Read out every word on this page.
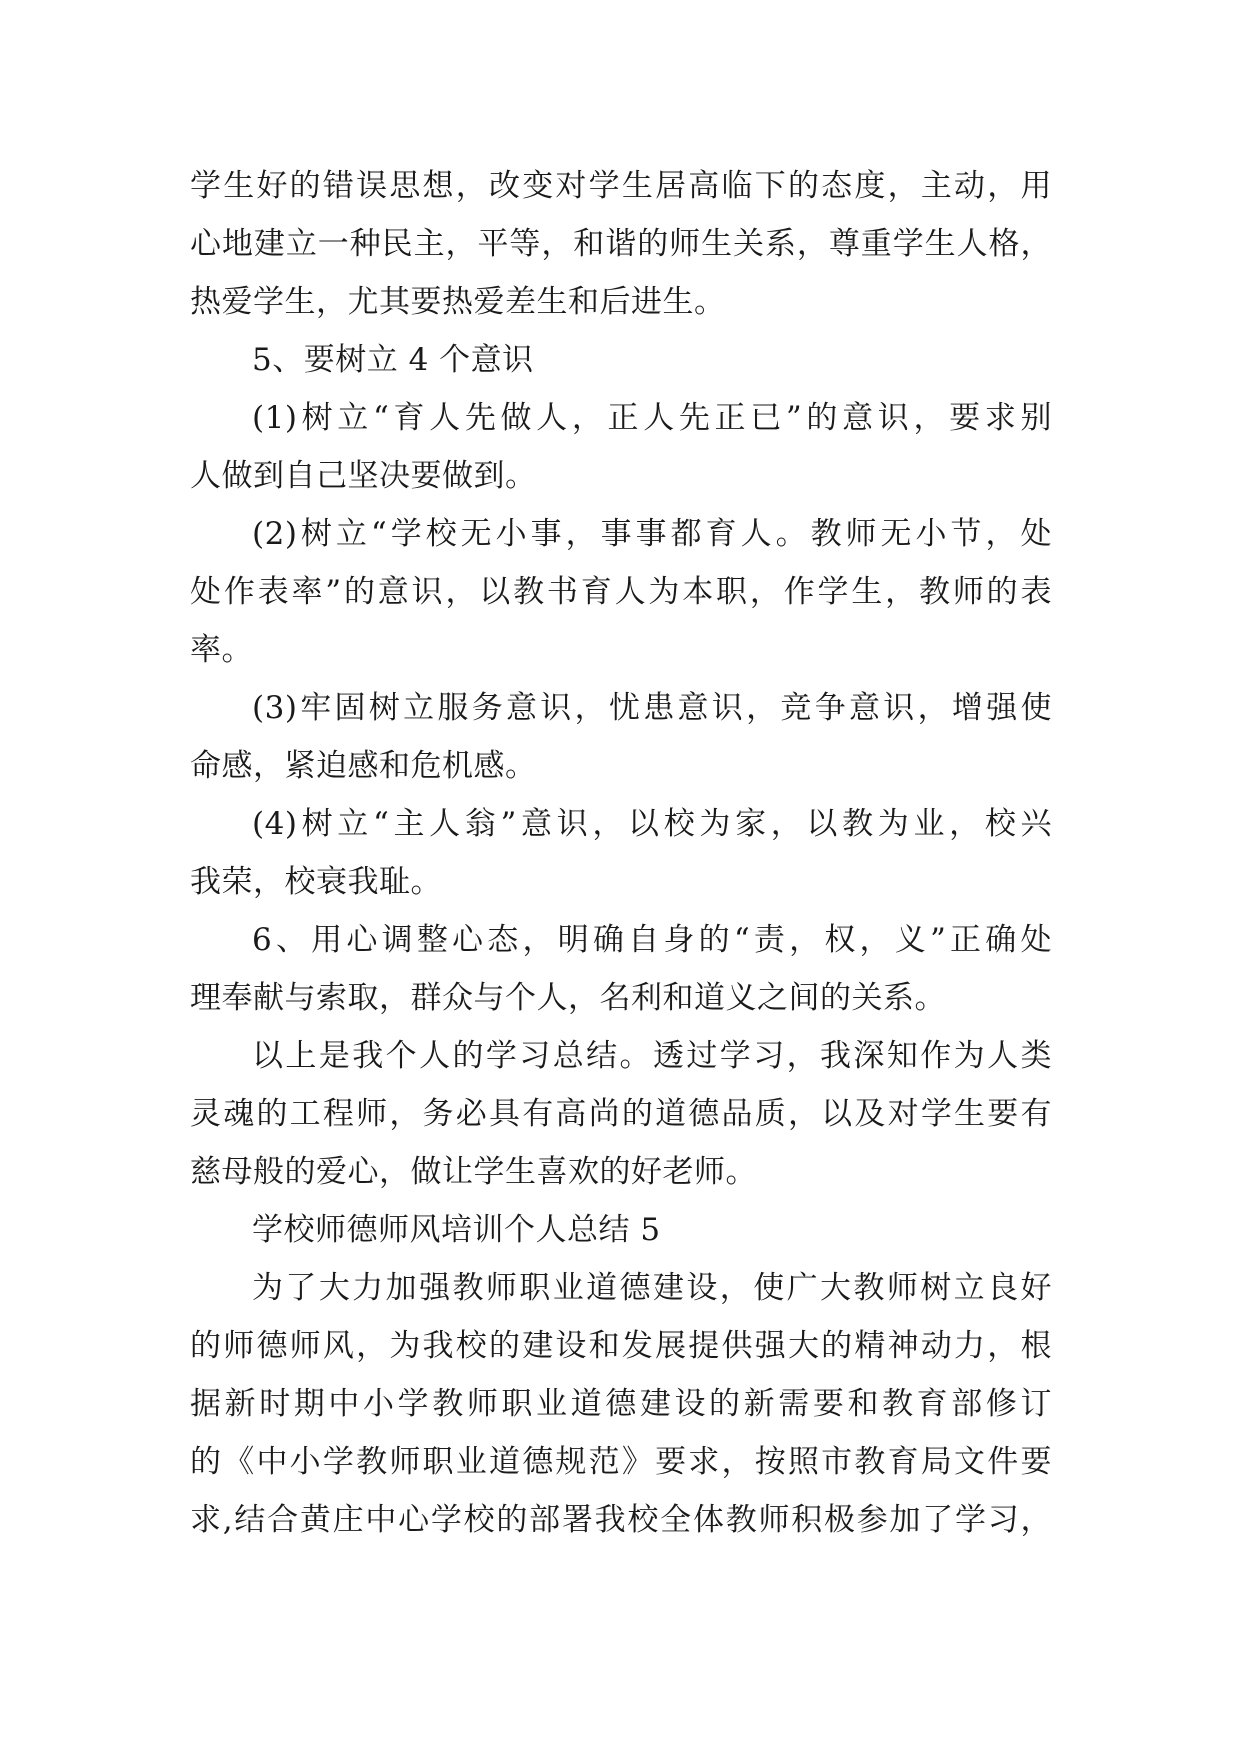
学生好的错误思想，改变对学生居高临下的态度，主动，用
心地建立一种民主，平等，和谐的师生关系，尊重学生人格，
热爱学生，尤其要热爱差生和后进生。
5、要树立 4 个意识
(1)树立“育人先做人，正人先正已”的意识，要求别
人做到自己坚决要做到。
(2)树立“学校无小事，事事都育人。教师无小节，处
处作表率”的意识，以教书育人为本职，作学生，教师的表
率。
(3)牢固树立服务意识，忧患意识，竞争意识，增强使
命感，紧迫感和危机感。
(4)树立“主人翁”意识，以校为家，以教为业，校兴
我荣，校衰我耻。
6、用心调整心态，明确自身的“责，权，义”正确处
理奉献与索取，群众与个人，名利和道义之间的关系。
以上是我个人的学习总结。透过学习，我深知作为人类
灵魂的工程师，务必具有高尚的道德品质，以及对学生要有
慈母般的爱心，做让学生喜欢的好老师。
学校师德师风培训个人总结 5
为了大力加强教师职业道德建设，使广大教师树立良好
的师德师风，为我校的建设和发展提供强大的精神动力，根
据新时期中小学教师职业道德建设的新需要和教育部修订
的《中小学教师职业道德规范》要求，按照市教育局文件要
求,结合黄庄中心学校的部署我校全体教师积极参加了学习，
